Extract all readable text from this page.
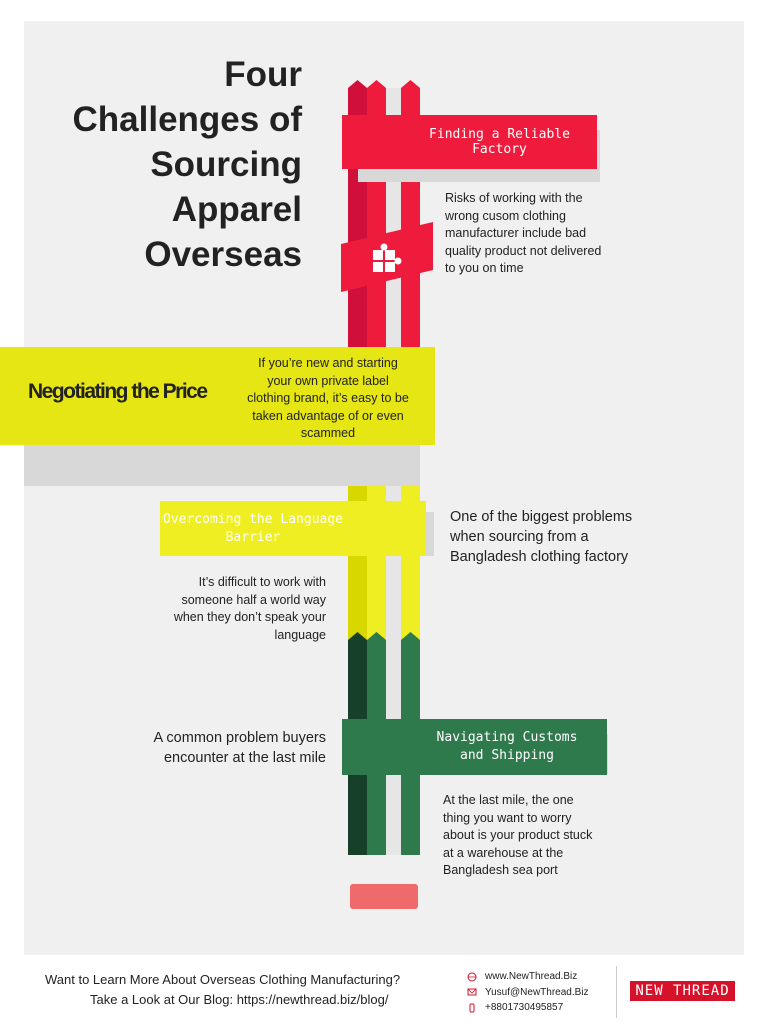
Four
Challenges of
Sourcing
Apparel
Overseas
Finding a Reliable Factory
Risks of working with the wrong cusom clothing manufacturer include bad quality product not delivered to you on time
Negotiating the Price
If you’re new and starting your own private label clothing brand, it’s easy to be taken advantage of or even scammed
Overcoming the Language Barrier
One of the biggest problems when sourcing from a Bangladesh clothing factory
It’s difficult to work with someone half a world way when they don’t speak your language
Navigating Customs and Shipping
A common problem buyers encounter at the last mile
At the last mile, the one thing you want to worry about is your product stuck at a warehouse at the Bangladesh sea port
Want to Learn More About Overseas Clothing Manufacturing?
Take a Look at Our Blog: https://newthread.biz/blog/
www.NewThread.Biz
Yusuf@NewThread.Biz
+8801730495857
NEW THREAD
